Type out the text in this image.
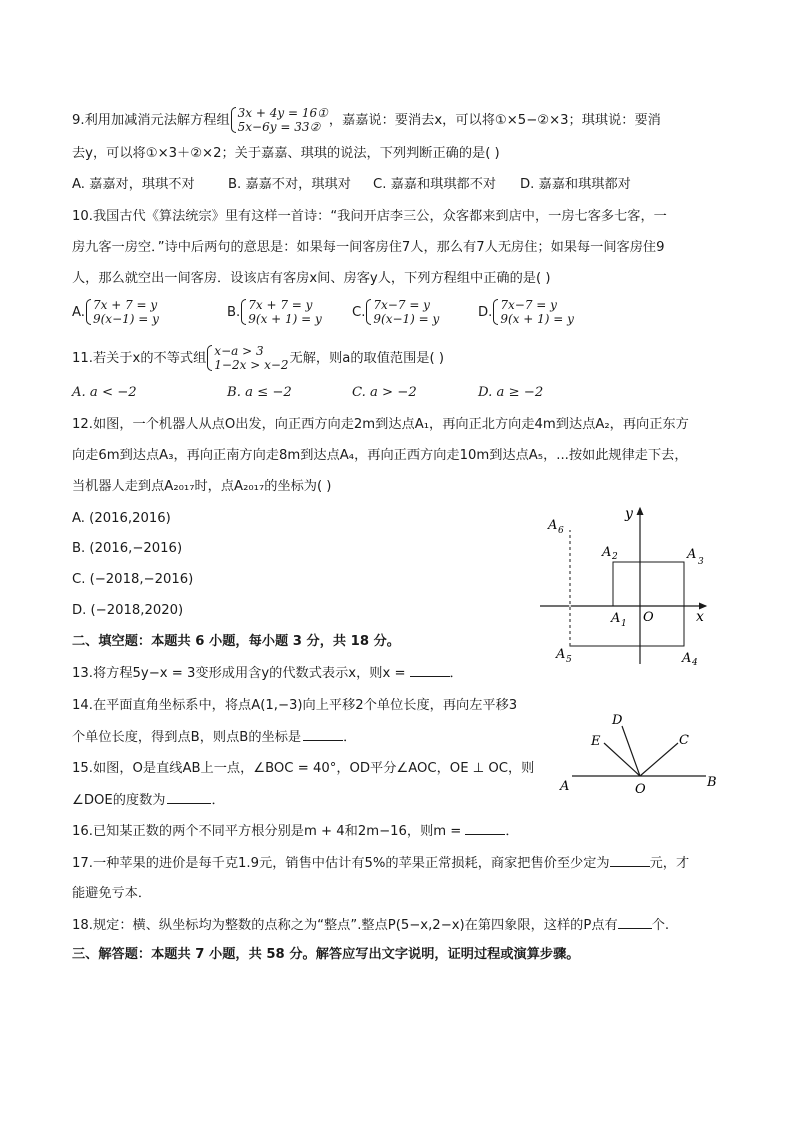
9.利用加减消元法解方程组 3x + 4y = 16①
5x−6y = 33② ，嘉嘉说：要消去x，可以将①×5−②×3；琪琪说：要消
去y，可以将①×3＋②×2；关于嘉嘉、琪琪的说法，下列判断正确的是( )
A. 嘉嘉对，琪琪不对	B. 嘉嘉不对，琪琪对 C. 嘉嘉和琪琪都不对 D. 嘉嘉和琪琪都对
10.我国古代《算法统宗》里有这样一首诗：“我问开店李三公，众客都来到店中，一房七客多七客，一
房九客一房空．”诗中后两句的意思是：如果每一间客房住7人，那么有7人无房住；如果每一间客房住9
人，那么就空出一间客房．设该店有客房x间、房客y人，下列方程组中正确的是( )
A. 7x + 7 = y
9(x−1) = y	B. 7x + 7 = y
9(x + 1) = y C. 7x−7 = y
9(x−1) = y	D. 7x−7 = y
9(x + 1) = y
11.若关于x的不等式组 x−a > 3
1−2x > x−2 无解，则a的取值范围是( )
A. a < −2	B. a ≤ −2	C. a > −2	D. a ≥ −2
12.如图，一个机器人从点O出发，向正西方向走2m到达点A₁，再向正北方向走4m到达点A₂，再向正东方
向走6m到达点A₃，再向正南方向走8m到达点A₄，再向正西方向走10m到达点A₅，...按如此规律走下去，
当机器人走到点A₂₀₁₇时，点A₂₀₁₇的坐标为( )
A. (2016,2016)
B. (2016,−2016)
C. (−2018,−2016)
D. (−2018,2020)	x
y
O
A 1
A 2	A 3
A 4
A 5
A 6
二、填空题：本题共 6 小题，每小题 3 分，共 18 分。
13.将方程5y−x = 3变形成用含y的代数式表示x，则x =	．
14.在平面直角坐标系中，将点A(1,−3)向上平移2个单位长度，再向左平移3
个单位长度，得到点B，则点B的坐标是	．
15.如图，O是直线AB上一点，∠BOC = 40°，OD平分∠AOC，OE ⊥ OC，则
∠DOE的度数为	．
A	B
O
C
D
E
16.已知某正数的两个不同平方根分别是m + 4和2m−16，则m =	．
17.一种苹果的进价是每千克1.9元，销售中估计有5%的苹果正常损耗，商家把售价至少定为	元，才
能避免亏本．
18.规定：横、纵坐标均为整数的点称之为“整点”.整点P(5−x,2−x)在第四象限，这样的P点有	个.
三、解答题：本题共 7 小题，共 58 分。解答应写出文字说明，证明过程或演算步骤。
